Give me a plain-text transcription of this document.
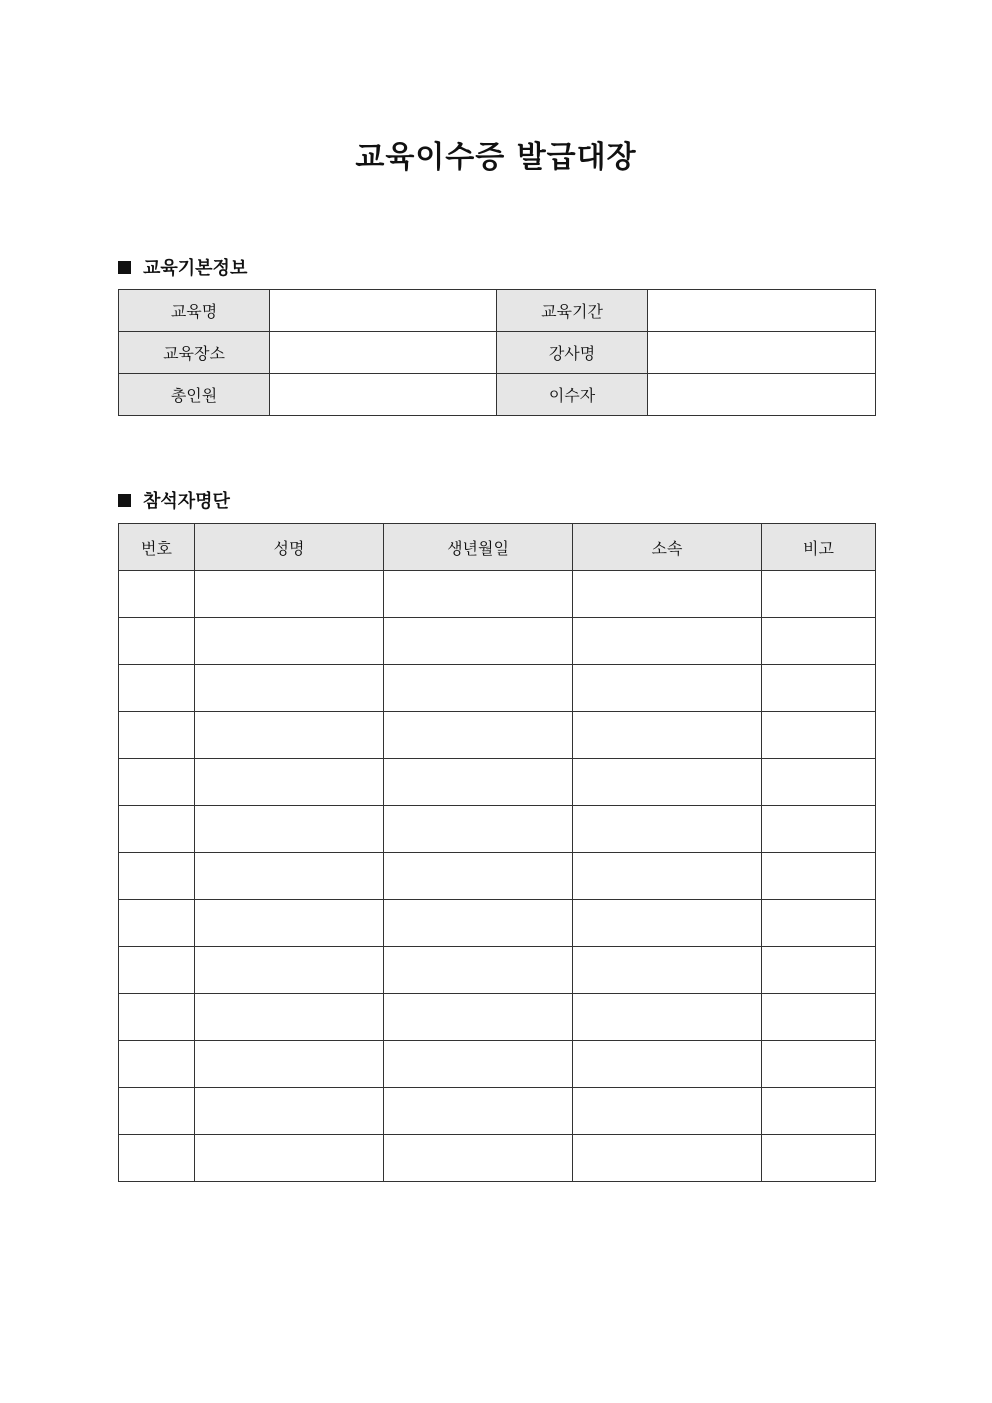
교육이수증 발급대장
교육기본정보
교육명		교육기간	
교육장소		강사명	
총인원		이수자	
참석자명단
번호	성명	생년월일	소속	비고
